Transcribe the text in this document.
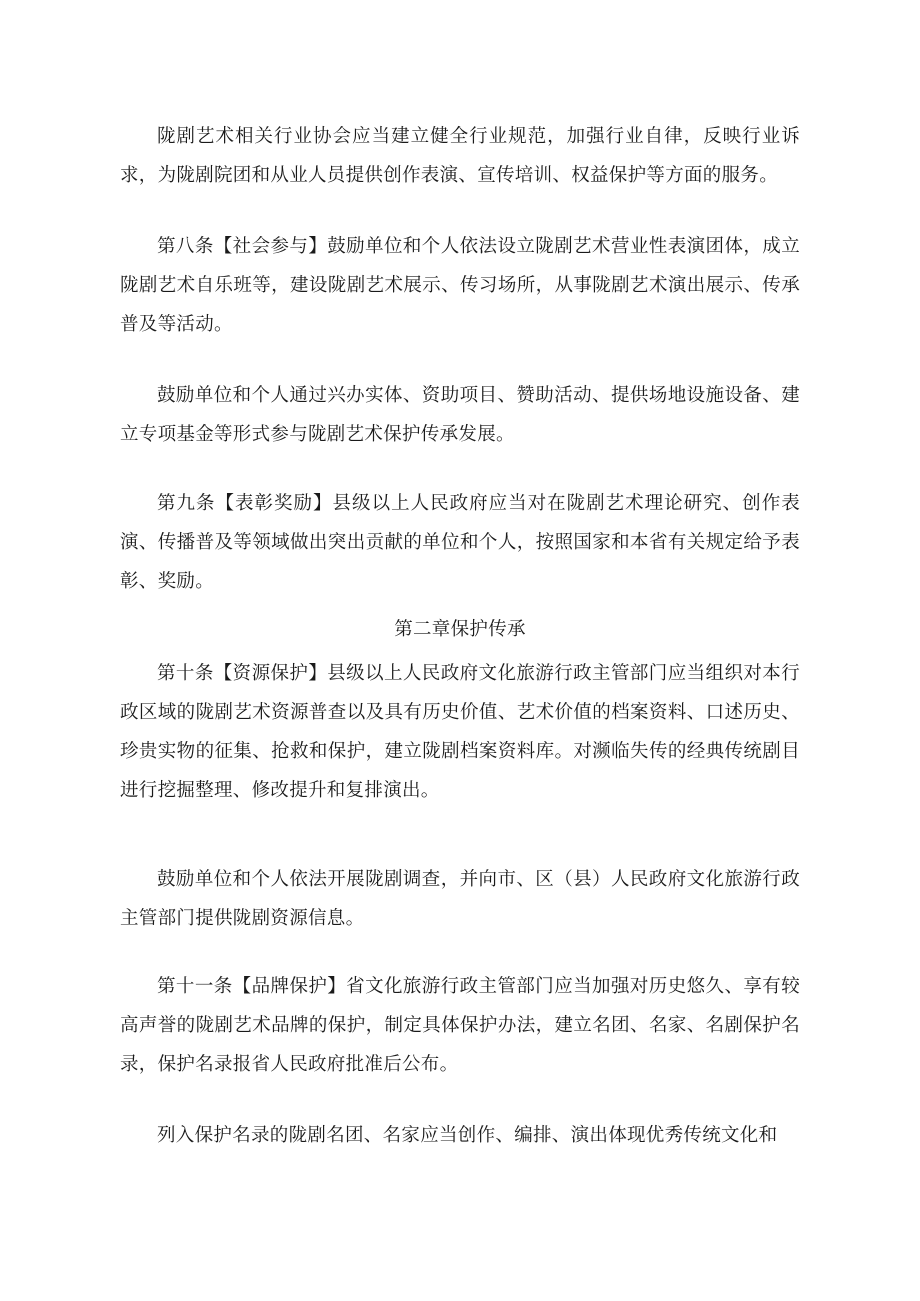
陇剧艺术相关行业协会应当建立健全行业规范，加强行业自律，反映行业诉求，为陇剧院团和从业人员提供创作表演、宣传培训、权益保护等方面的服务。

第八条【社会参与】鼓励单位和个人依法设立陇剧艺术营业性表演团体，成立陇剧艺术自乐班等，建设陇剧艺术展示、传习场所，从事陇剧艺术演出展示、传承普及等活动。

鼓励单位和个人通过兴办实体、资助项目、赞助活动、提供场地设施设备、建立专项基金等形式参与陇剧艺术保护传承发展。

第九条【表彰奖励】县级以上人民政府应当对在陇剧艺术理论研究、创作表演、传播普及等领域做出突出贡献的单位和个人，按照国家和本省有关规定给予表彰、奖励。

第二章保护传承

第十条【资源保护】县级以上人民政府文化旅游行政主管部门应当组织对本行政区域的陇剧艺术资源普查以及具有历史价值、艺术价值的档案资料、口述历史、珍贵实物的征集、抢救和保护，建立陇剧档案资料库。对濒临失传的经典传统剧目进行挖掘整理、修改提升和复排演出。

鼓励单位和个人依法开展陇剧调查，并向市、区（县）人民政府文化旅游行政主管部门提供陇剧资源信息。

第十一条【品牌保护】省文化旅游行政主管部门应当加强对历史悠久、享有较高声誉的陇剧艺术品牌的保护，制定具体保护办法，建立名团、名家、名剧保护名录，保护名录报省人民政府批准后公布。

列入保护名录的陇剧名团、名家应当创作、编排、演出体现优秀传统文化和
